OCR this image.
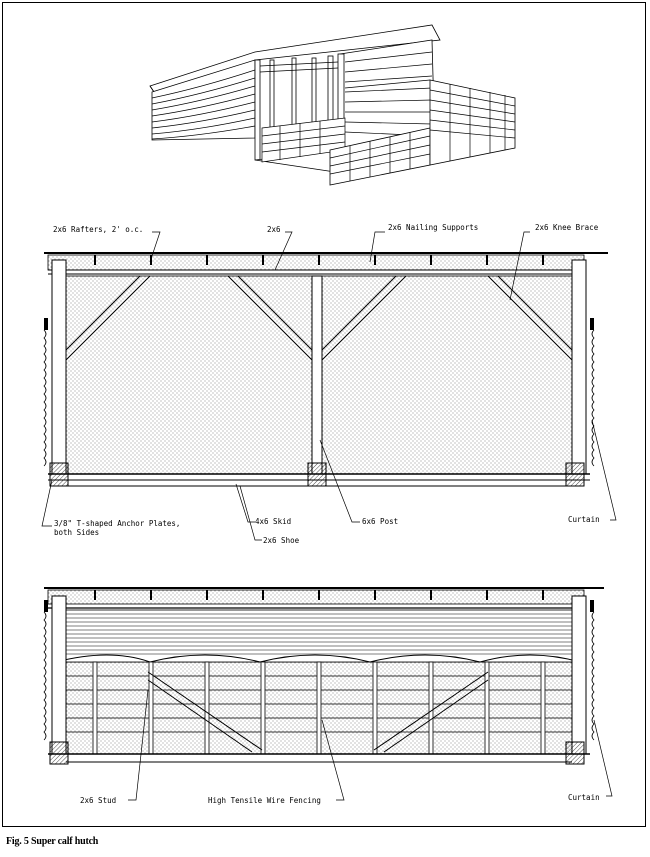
2x6 Rafters, 2' o.c.	2x6	2x6 Nailing Supports	2x6 Knee Brace
3/8" T-shaped Anchor Plates,
both Sides
4x6 Skid	6x6 Post
2x6 Shoe
Curtain
2x6 Stud	High Tensile Wire Fencing	Curtain
Fig. 5 Super calf hutch
